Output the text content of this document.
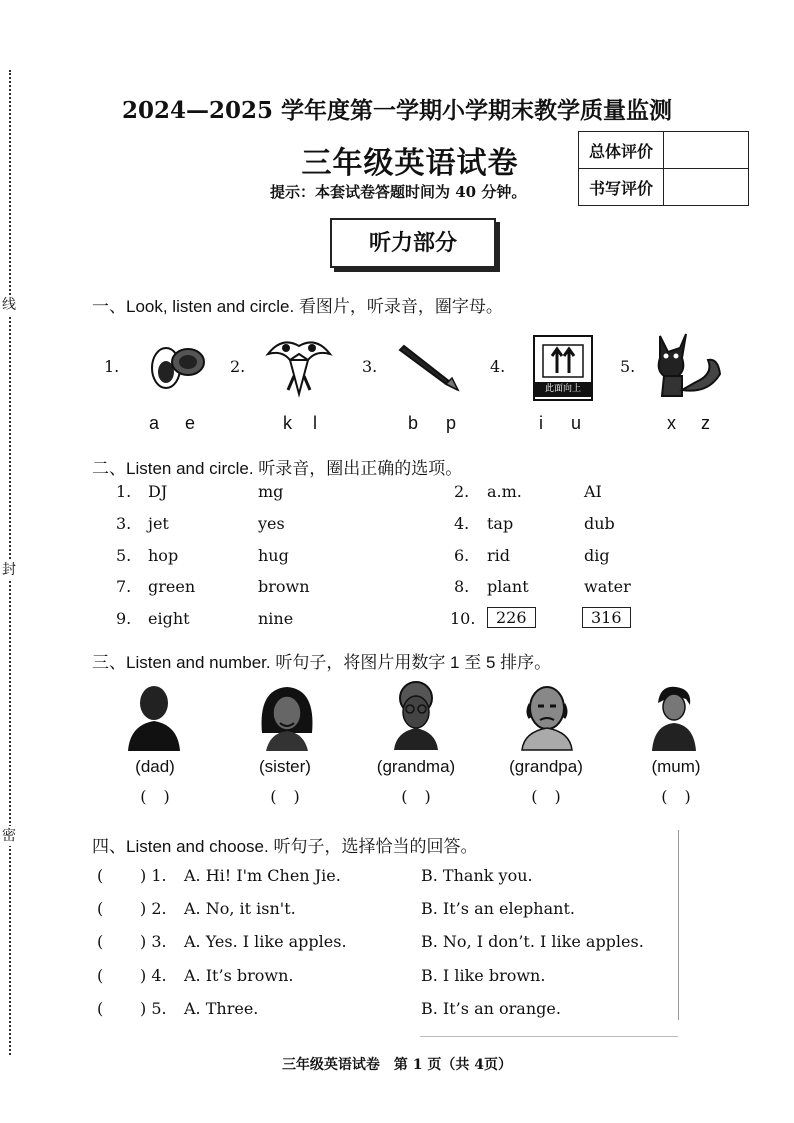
线
封
密
2024—2025 学年度第一学期小学期末教学质量监测
三年级英语试卷
提示：本套试卷答题时间为 40 分钟。
总体评价	
书写评价	
听力部分
一、Look, listen and circle. 看图片，听录音，圈字母。
1.
a e
2.
k l
3.
b p
4.
此面向上
i u
5.
x z
二、Listen and circle. 听录音，圈出正确的选项。
1. DJ	mg	2. a.m.	AI
3. jet	yes	4. tap	dub
5. hop	hug	6. rid	dig
7. green	brown	8. plant	water
9. eight	nine	10.	226	316
三、Listen and number. 听句子，将图片用数字 1 至 5 排序。
(dad)	(sister)	(grandma)	(grandpa)	(mum)
( )	( )	( )	( )	( )
四、Listen and choose. 听句子，选择恰当的回答。
( ) 1. A. Hi! I'm Chen Jie.	B. Thank you.
( ) 2. A. No, it isn't.	B. It’s an elephant.
( ) 3. A. Yes. I like apples.	B. No, I don’t. I like apples.
( ) 4. A. It’s brown.	B. I like brown.
( ) 5. A. Three.	B. It’s an orange.
三年级英语试卷　第 1 页（共 4页）
